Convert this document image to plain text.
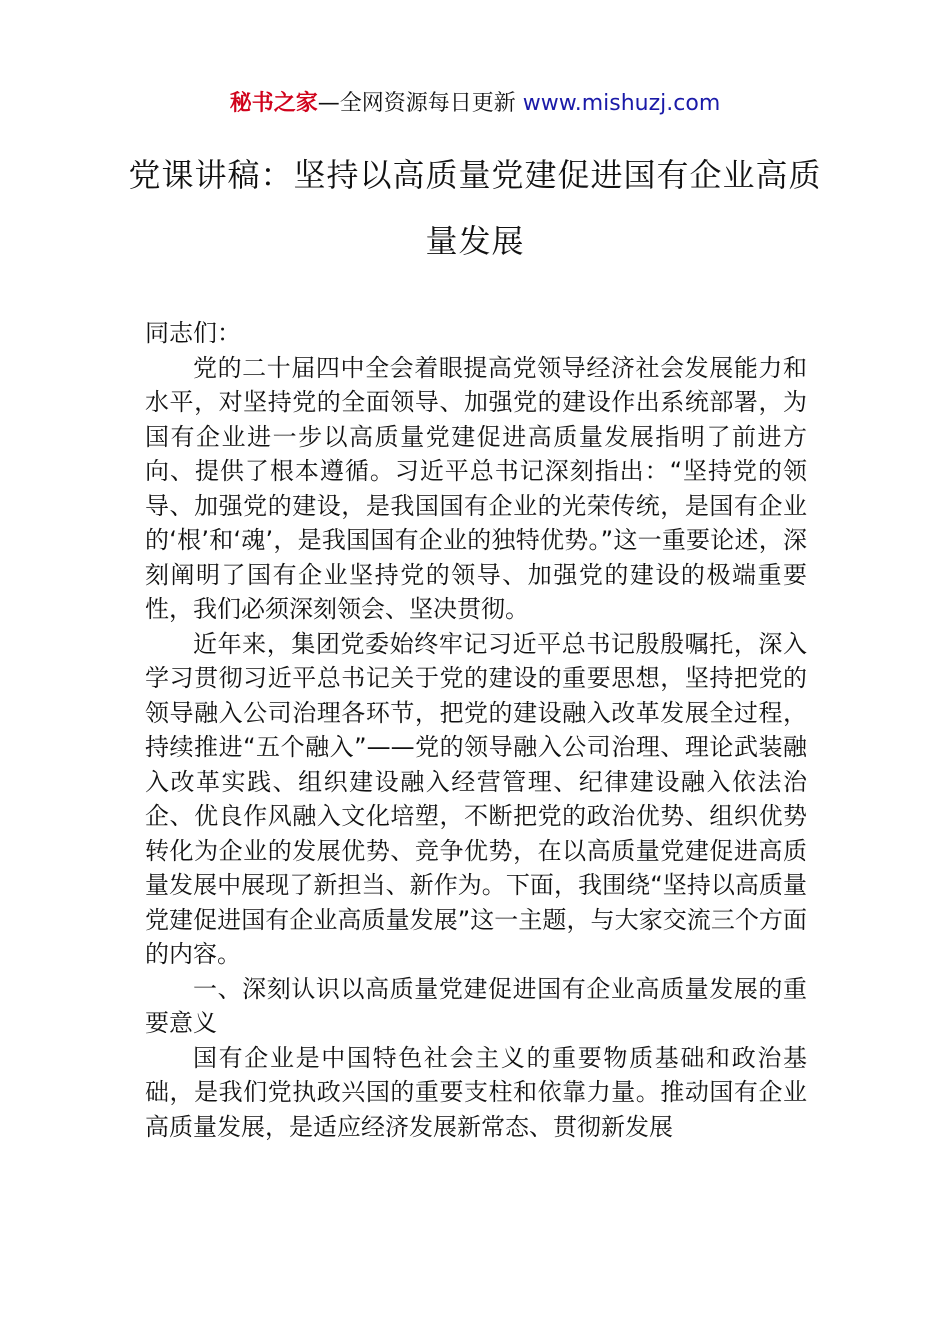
秘书之家—全网资源每日更新 www.mishuzj.com
党课讲稿：坚持以高质量党建促进国有企业高质量发展

同志们：

党的二十届四中全会着眼提高党领导经济社会发展能力和水平，对坚持党的全面领导、加强党的建设作出系统部署，为国有企业进一步以高质量党建促进高质量发展指明了前进方向、提供了根本遵循。习近平总书记深刻指出：“坚持党的领导、加强党的建设，是我国国有企业的光荣传统，是国有企业的‘根’和‘魂’，是我国国有企业的独特优势。”这一重要论述，深刻阐明了国有企业坚持党的领导、加强党的建设的极端重要性，我们必须深刻领会、坚决贯彻。

近年来，集团党委始终牢记习近平总书记殷殷嘱托，深入学习贯彻习近平总书记关于党的建设的重要思想，坚持把党的领导融入公司治理各环节，把党的建设融入改革发展全过程，持续推进“五个融入”——党的领导融入公司治理、理论武装融入改革实践、组织建设融入经营管理、纪律建设融入依法治企、优良作风融入文化培塑，不断把党的政治优势、组织优势转化为企业的发展优势、竞争优势，在以高质量党建促进高质量发展中展现了新担当、新作为。下面，我围绕“坚持以高质量党建促进国有企业高质量发展”这一主题，与大家交流三个方面的内容。

一、深刻认识以高质量党建促进国有企业高质量发展的重要意义

国有企业是中国特色社会主义的重要物质基础和政治基础，是我们党执政兴国的重要支柱和依靠力量。推动国有企业高质量发展，是适应经济发展新常态、贯彻新发展
